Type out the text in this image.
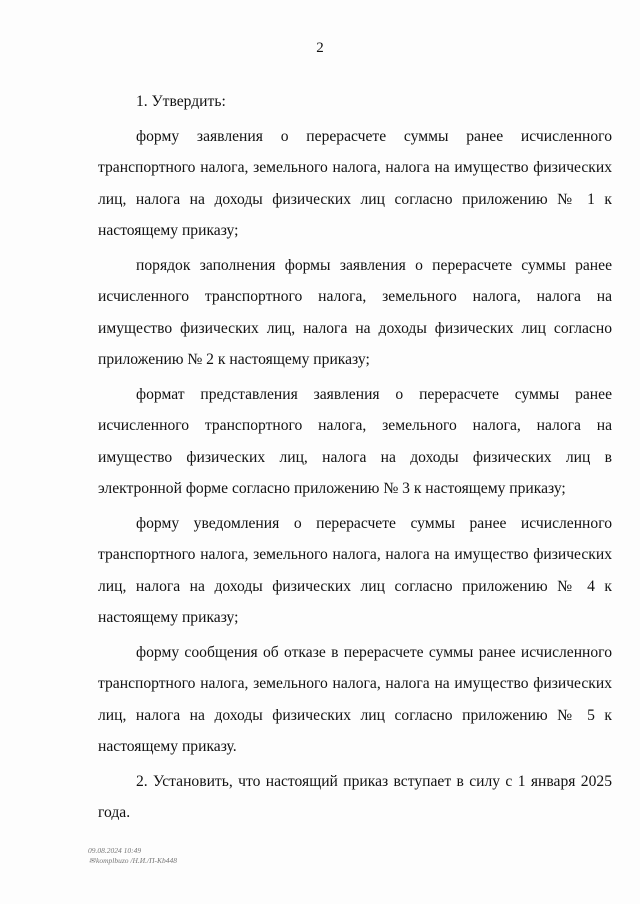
2

1. Утвердить:

форму заявления о перерасчете суммы ранее исчисленного транспортного налога, земельного налога, налога на имущество физических лиц, налога на доходы физических лиц согласно приложению № 1 к настоящему приказу;

порядок заполнения формы заявления о перерасчете суммы ранее исчисленного транспортного налога, земельного налога, налога на имущество физических лиц, налога на доходы физических лиц согласно приложению № 2 к настоящему приказу;

формат представления заявления о перерасчете суммы ранее исчисленного транспортного налога, земельного налога, налога на имущество физических лиц, налога на доходы физических лиц в электронной форме согласно приложению № 3 к настоящему приказу;

форму уведомления о перерасчете суммы ранее исчисленного транспортного налога, земельного налога, налога на имущество физических лиц, налога на доходы физических лиц согласно приложению № 4 к настоящему приказу;

форму сообщения об отказе в перерасчете суммы ранее исчисленного транспортного налога, земельного налога, налога на имущество физических лиц, налога на доходы физических лиц согласно приложению № 5 к настоящему приказу.

2. Установить, что настоящий приказ вступает в силу с 1 января 2025 года.

09.08.2024 10:49
✉komplbuzo /Н.И./П-Кb448
